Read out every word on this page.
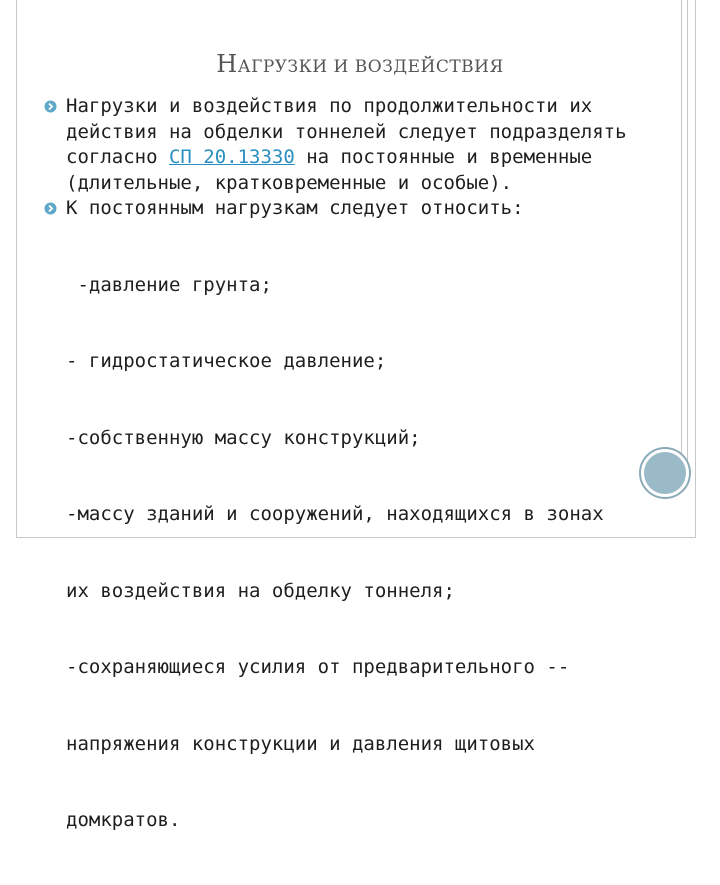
НАГРУЗКИ И ВОЗДЕЙСТВИЯ
Нагрузки и воздействия по продолжительности их
действия на обделки тоннелей следует подразделять
согласно СП 20.13330 на постоянные и временные
(длительные, кратковременные и особые).
К постоянным нагрузкам следует относить:

-давление грунта;

- гидростатическое давление;

-собственную массу конструкций;

-массу зданий и сооружений, находящихся в зонах

их воздействия на обделку тоннеля;

-сохраняющиеся усилия от предварительного --

напряжения конструкции и давления щитовых

домкратов.
